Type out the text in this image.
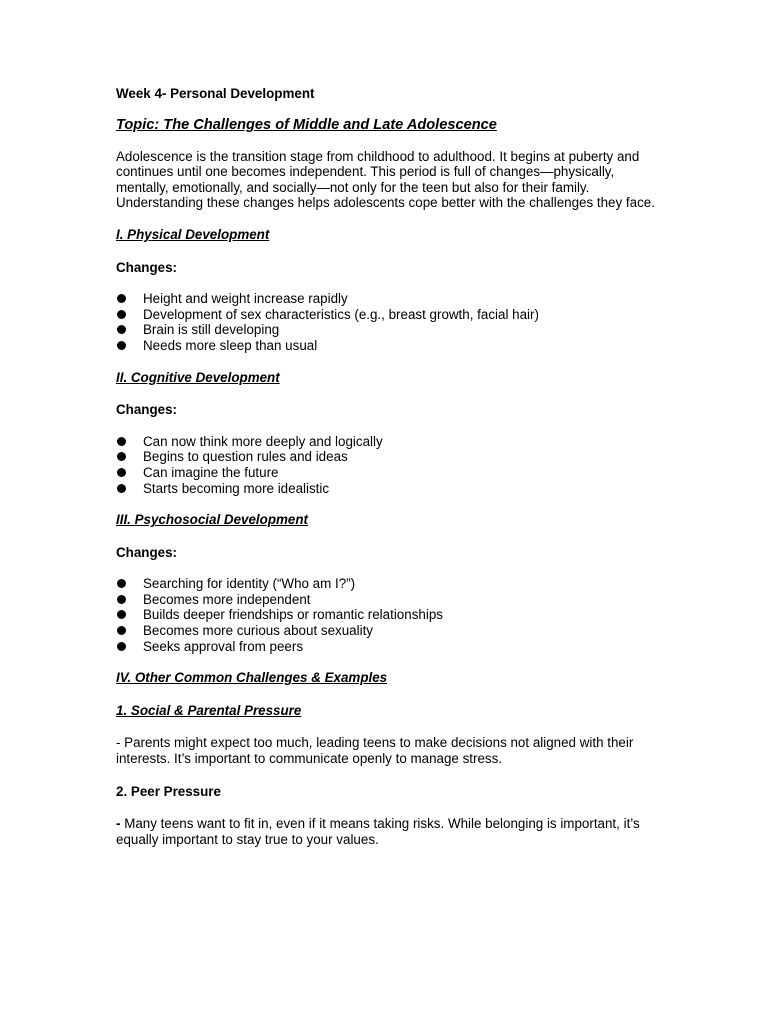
Week 4- Personal Development

Topic: The Challenges of Middle and Late Adolescence

Adolescence is the transition stage from childhood to adulthood. It begins at puberty and continues until one becomes independent. This period is full of changes—physically, mentally, emotionally, and socially—not only for the teen but also for their family. Understanding these changes helps adolescents cope better with the challenges they face.

I. Physical Development

Changes:

Height and weight increase rapidly
Development of sex characteristics (e.g., breast growth, facial hair)
Brain is still developing
Needs more sleep than usual

II. Cognitive Development

Changes:

Can now think more deeply and logically
Begins to question rules and ideas
Can imagine the future
Starts becoming more idealistic

III. Psychosocial Development

Changes:

Searching for identity (“Who am I?”)
Becomes more independent
Builds deeper friendships or romantic relationships
Becomes more curious about sexuality
Seeks approval from peers

IV. Other Common Challenges & Examples

1. Social & Parental Pressure

- Parents might expect too much, leading teens to make decisions not aligned with their interests. It’s important to communicate openly to manage stress.

2. Peer Pressure

- Many teens want to fit in, even if it means taking risks. While belonging is important, it’s equally important to stay true to your values.
